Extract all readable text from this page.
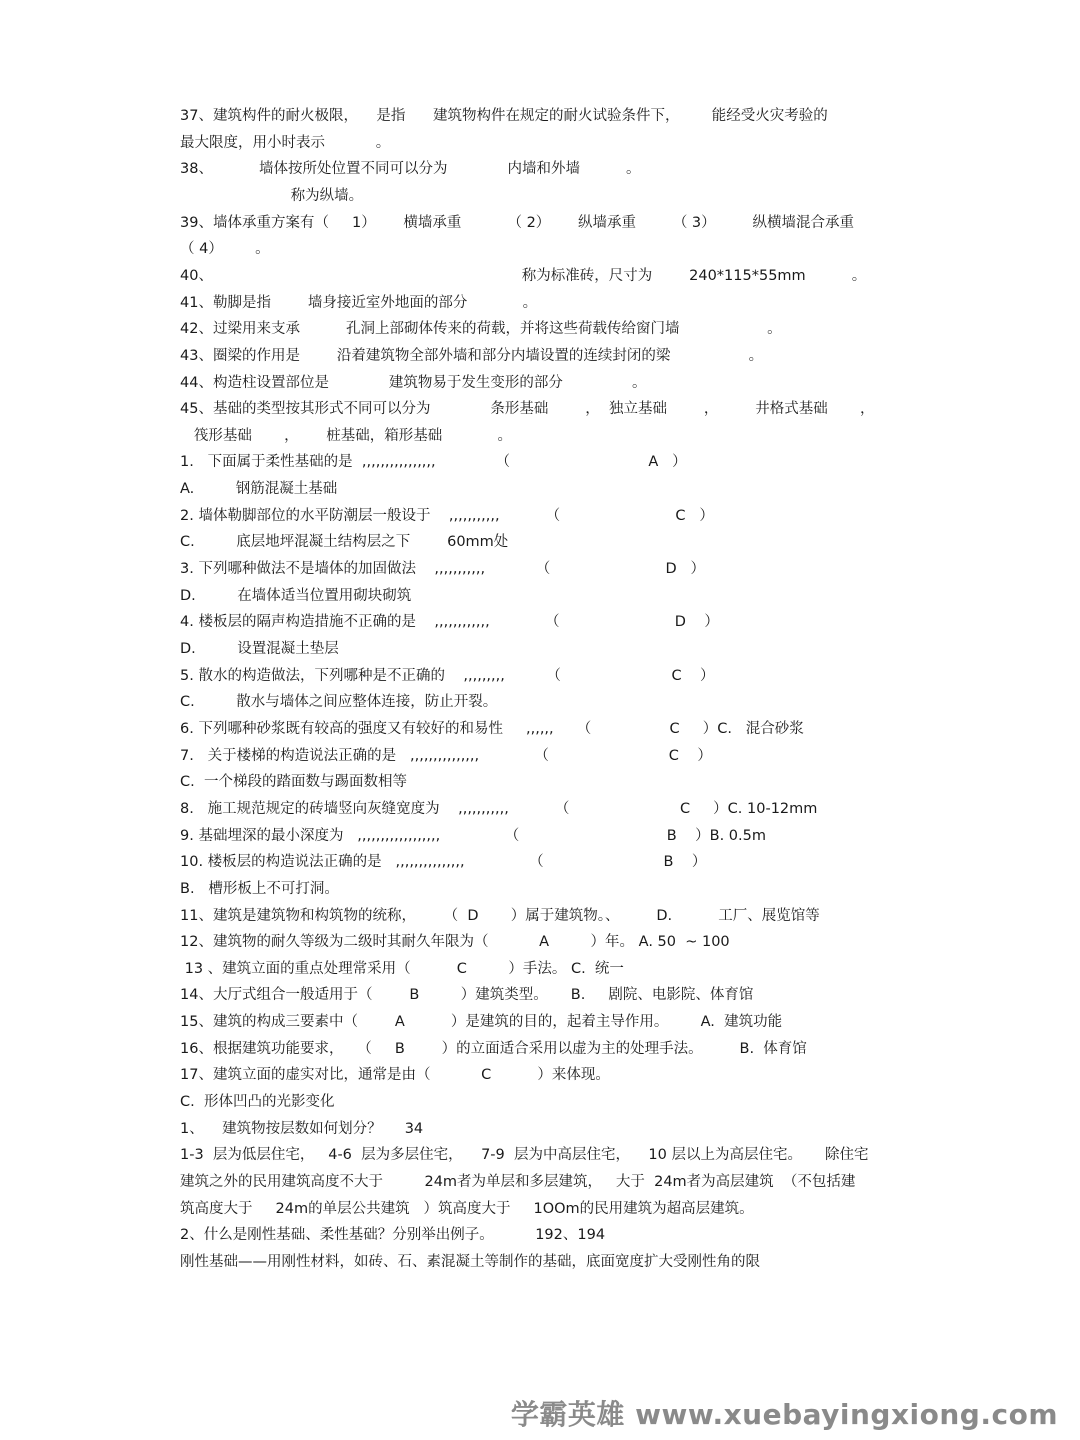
37、建筑构件的耐火极限，    是指      建筑物构件在规定的耐火试验条件下，       能经受火灾考验的
最大限度，用小时表示           。
38、          墙体按所处位置不同可以分为             内墙和外墙          。
称为纵墙。
39、墙体承重方案有（     1）      横墙承重          （ 2）      纵墙承重        （ 3）        纵横墙混合承重
（ 4）       。
40、                                                                   称为标准砖，尺寸为        240*115*55mm          。
41、勒脚是指        墙身接近室外地面的部分            。
42、过梁用来支承          孔洞上部砌体传来的荷载，并将这些荷载传给窗门墙                   。
43、圈梁的作用是        沿着建筑物全部外墙和部分内墙设置的连续封闭的梁                 。
44、构造柱设置部位是             建筑物易于发生变形的部分               。
45、基础的类型按其形式不同可以分为             条形基础        ，  独立基础        ，        井格式基础       ，
筏形基础       ，      桩基础，箱形基础            。
1.   下面属于柔性基础的是  ,,,,,,,,,,,,,,,,             （                              A   ）
A.         钢筋混凝土基础
2. 墙体勒脚部位的水平防潮层一般设于    ,,,,,,,,,,,          （                         C   ）
C.         底层地坪混凝土结构层之下        60mm处
3. 下列哪种做法不是墙体的加固做法    ,,,,,,,,,,,           （                         D   ）
D.         在墙体适当位置用砌块砌筑
4. 楼板层的隔声构造措施不正确的是    ,,,,,,,,,,,,            （                         D    ）
D.         设置混凝土垫层
5. 散水的构造做法，下列哪种是不正确的    ,,,,,,,,,         （                        C    ）
C.         散水与墙体之间应整体连接，防止开裂。
6. 下列哪种砂浆既有较高的强度又有较好的和易性     ,,,,,,     （                 C     ）C.   混合砂浆
7.   关于楼梯的构造说法正确的是   ,,,,,,,,,,,,,,,            （                          C    ）
C.  一个梯段的踏面数与踢面数相等
8.   施工规范规定的砖墙竖向灰缝宽度为    ,,,,,,,,,,,          （                        C     ）C. 10-12mm
9. 基础埋深的最小深度为   ,,,,,,,,,,,,,,,,,,              （                                B    ）B. 0.5m
10. 楼板层的构造说法正确的是   ,,,,,,,,,,,,,,,              （                          B    ）
B.   槽形板上不可打洞。
11、建筑是建筑物和构筑物的统称，      （  D       ）属于建筑物。、        D.          工厂、展览馆等
12、建筑物的耐久等级为二级时其耐久年限为（           A         ）年。 A. 50  ~ 100
13 、建筑立面的重点处理常采用（          C         ）手法。 C.  统一
14、大厅式组合一般适用于（        B         ）建筑类型。     B.     剧院、电影院、体育馆
15、建筑的构成三要素中（        A          ）是建筑的目的，起着主导作用。       A.  建筑功能
16、根据建筑功能要求，   （     B        ）的立面适合采用以虚为主的处理手法。        B.  体育馆
17、建筑立面的虚实对比，通常是由（           C          ）来体现。
C.  形体凹凸的光影变化
1、    建筑物按层数如何划分？     34
1-3  层为低层住宅，   4-6  层为多层住宅，    7-9  层为中高层住宅，    10 层以上为高层住宅。     除住宅
建筑之外的民用建筑高度不大于         24m者为单层和多层建筑，   大于  24m者为高层建筑  （不包括建
筑高度大于     24m的单层公共建筑   ）筑高度大于     1OOm的民用建筑为超高层建筑。
2、什么是刚性基础、柔性基础？分别举出例子。         192、194
刚性基础——用刚性材料，如砖、石、素混凝土等制作的基础，底面宽度扩大受刚性角的限
学霸英雄 www.xuebayingxiong.com
